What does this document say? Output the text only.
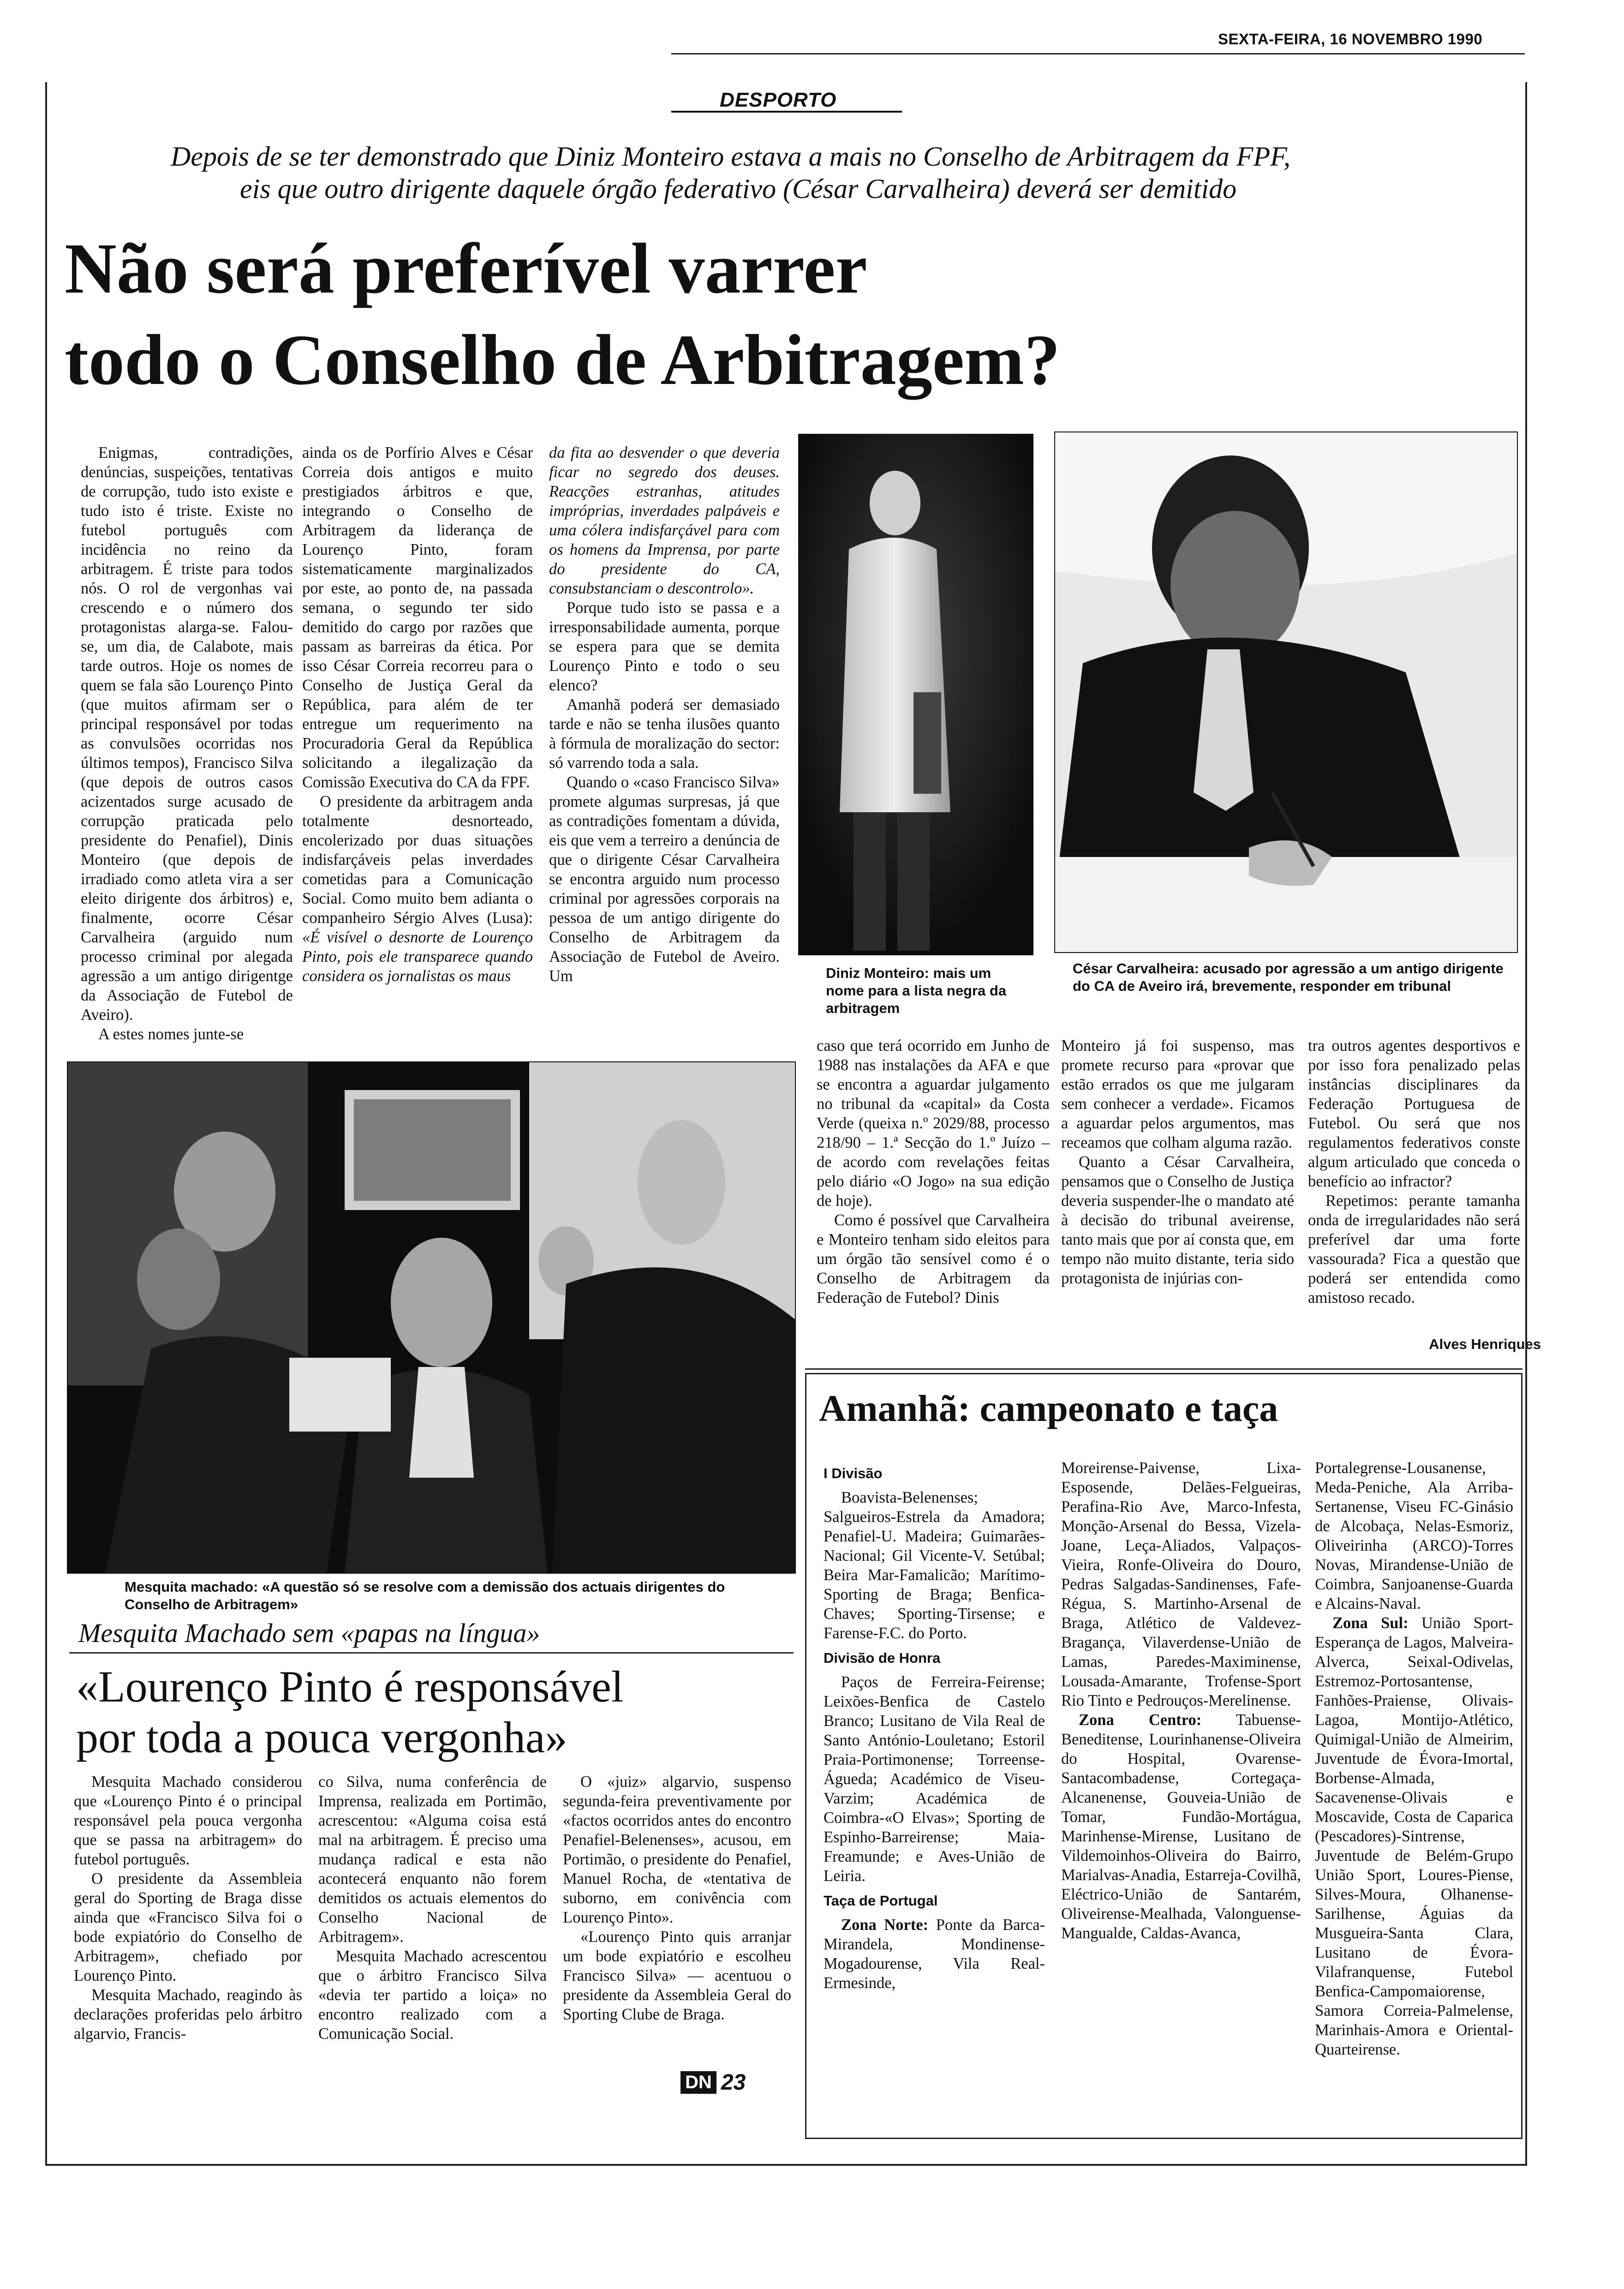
SEXTA-FEIRA, 16 NOVEMBRO 1990
DESPORTO
Depois de se ter demonstrado que Diniz Monteiro estava a mais no Conselho de Arbitragem da FPF,
eis que outro dirigente daquele órgão federativo (César Carvalheira) deverá ser demitido
Não será preferível varrer
todo o Conselho de Arbitragem?

Enigmas, contradições, denúncias, suspeições, tentativas de corrupção, tudo isto existe e tudo isto é triste. Existe no futebol português com incidência no reino da arbitragem. É triste para todos nós. O rol de vergonhas vai crescendo e o número dos protagonistas alarga-se. Falou-se, um dia, de Calabote, mais tarde outros. Hoje os nomes de quem se fala são Lourenço Pinto (que muitos afirmam ser o principal responsável por todas as convulsões ocorridas nos últimos tempos), Francisco Silva (que depois de outros casos acizentados surge acusado de corrupção praticada pelo presidente do Penafiel), Dinis Monteiro (que depois de irradiado como atleta vira a ser eleito dirigente dos árbitros) e, finalmente, ocorre César Carvalheira (arguido num processo criminal por alegada agressão a um antigo dirigentge da Associação de Futebol de Aveiro).

A estes nomes junte-se

ainda os de Porfírio Alves e César Correia dois antigos e muito prestigiados árbitros e que, integrando o Conselho de Arbitragem da liderança de Lourenço Pinto, foram sistematicamente marginalizados por este, ao ponto de, na passada semana, o segundo ter sido demitido do cargo por razões que passam as barreiras da ética. Por isso César Correia recorreu para o Conselho de Justiça Geral da República, para além de ter entregue um requerimento na Procuradoria Geral da República solicitando a ilegalização da Comissão Executiva do CA da FPF.

O presidente da arbitragem anda totalmente desnorteado, encolerizado por duas situações indisfarçáveis pelas inverdades cometidas para a Comunicação Social. Como muito bem adianta o companheiro Sérgio Alves (Lusa): «É visível o desnorte de Lourenço Pinto, pois ele transparece quando considera os jornalistas os maus

da fita ao desvender o que deveria ficar no segredo dos deuses. Reacções estranhas, atitudes impróprias, inverdades palpáveis e uma cólera indisfarçável para com os homens da Imprensa, por parte do presidente do CA, consubstanciam o descontrolo».

Porque tudo isto se passa e a irresponsabilidade aumenta, porque se espera para que se demita Lourenço Pinto e todo o seu elenco?

Amanhã poderá ser demasiado tarde e não se tenha ilusões quanto à fórmula de moralização do sector: só varrendo toda a sala.

Quando o «caso Francisco Silva» promete algumas surpresas, já que as contradições fomentam a dúvida, eis que vem a terreiro a denúncia de que o dirigente César Carvalheira se encontra arguido num processo criminal por agressões corporais na pessoa de um antigo dirigente do Conselho de Arbitragem da Associação de Futebol de Aveiro. Um	Diniz Monteiro: mais um nome para a lista negra da arbitragem
César Carvalheira: acusado por agressão a um antigo dirigente do CA de Aveiro irá, brevemente, responder em tribunal
Mesquita machado: «A questão só se resolve com a demissão dos actuais dirigentes do Conselho de Arbitragem»

caso que terá ocorrido em Junho de 1988 nas instalações da AFA e que se encontra a aguardar julgamento no tribunal da «capital» da Costa Verde (queixa n.º 2029/88, processo 218/90 – 1.ª Secção do 1.º Juízo – de acordo com revelações feitas pelo diário «O Jogo» na sua edição de hoje).

Como é possível que Carvalheira e Monteiro tenham sido eleitos para um órgão tão sensível como é o Conselho de Arbitragem da Federação de Futebol? Dinis

Monteiro já foi suspenso, mas promete recurso para «provar que estão errados os que me julgaram sem conhecer a verdade». Ficamos a aguardar pelos argumentos, mas receamos que colham alguma razão.

Quanto a César Carvalheira, pensamos que o Conselho de Justiça deveria suspender-lhe o mandato até à decisão do tribunal aveirense, tanto mais que por aí consta que, em tempo não muito distante, teria sido protagonista de injúrias con-

tra outros agentes desportivos e por isso fora penalizado pelas instâncias disciplinares da Federação Portuguesa de Futebol. Ou será que nos regulamentos federativos conste algum articulado que conceda o benefício ao infractor?

Repetimos: perante tamanha onda de irregularidades não será preferível dar uma forte vassourada? Fica a questão que poderá ser entendida como amistoso recado.

Alves Henriques
Mesquita Machado sem «papas na língua»
«Lourenço Pinto é responsável
por toda a pouca vergonha»

Mesquita Machado considerou que «Lourenço Pinto é o principal responsável pela pouca vergonha que se passa na arbitragem» do futebol português.

O presidente da Assembleia geral do Sporting de Braga disse ainda que «Francisco Silva foi o bode expiatório do Conselho de Arbitragem», chefiado por Lourenço Pinto.

Mesquita Machado, reagindo às declarações proferidas pelo árbitro algarvio, Francis-

co Silva, numa conferência de Imprensa, realizada em Portimão, acrescentou: «Alguma coisa está mal na arbitragem. É preciso uma mudança radical e esta não acontecerá enquanto não forem demitidos os actuais elementos do Conselho Nacional de Arbitragem».

Mesquita Machado acrescentou que o árbitro Francisco Silva «devia ter partido a loiça» no encontro realizado com a Comunicação Social.

O «juiz» algarvio, suspenso segunda-feira preventivamente por «factos ocorridos antes do encontro Penafiel-Belenenses», acusou, em Portimão, o presidente do Penafiel, Manuel Rocha, de «tentativa de suborno, em conivência com Lourenço Pinto».

«Lourenço Pinto quis arranjar um bode expiatório e escolheu Francisco Silva» — acentuou o presidente da Assembleia Geral do Sporting Clube de Braga.

Amanhã: campeonato e taça

I Divisão

Boavista-Belenenses; Salgueiros-Estrela da Amadora; Penafiel-U. Madeira; Guimarães-Nacional; Gil Vicente-V. Setúbal; Beira Mar-Famalicão; Marítimo-Sporting de Braga; Benfica-Chaves; Sporting-Tirsense; e Farense-F.C. do Porto.

Divisão de Honra

Paços de Ferreira-Feirense; Leixões-Benfica de Castelo Branco; Lusitano de Vila Real de Santo António-Louletano; Estoril Praia-Portimonense; Torreense-Águeda; Académico de Viseu-Varzim; Académica de Coimbra-«O Elvas»; Sporting de Espinho-Barreirense; Maia-Freamunde; e Aves-União de Leiria.

Taça de Portugal

Zona Norte: Ponte da Barca-Mirandela, Mondinense-Mogadourense, Vila Real-Ermesinde,

Moreirense-Paivense, Lixa-Esposende, Delães-Felgueiras, Perafina-Rio Ave, Marco-Infesta, Monção-Arsenal do Bessa, Vizela-Joane, Leça-Aliados, Valpaços-Vieira, Ronfe-Oliveira do Douro, Pedras Salgadas-Sandinenses, Fafe-Régua, S. Martinho-Arsenal de Braga, Atlético de Valdevez-Bragança, Vilaverdense-União de Lamas, Paredes-Maximinense, Lousada-Amarante, Trofense-Sport Rio Tinto e Pedrouços-Merelinense.

Zona Centro: Tabuense-Beneditense, Lourinhanense-Oliveira do Hospital, Ovarense-Santacombadense, Cortegaça-Alcanenense, Gouveia-União de Tomar, Fundão-Mortágua, Marinhense-Mirense, Lusitano de Vildemoinhos-Oliveira do Bairro, Marialvas-Anadia, Estarreja-Covilhã, Eléctrico-União de Santarém, Oliveirense-Mealhada, Valonguense-Mangualde, Caldas-Avanca,

Portalegrense-Lousanense, Meda-Peniche, Ala Arriba-Sertanense, Viseu FC-Ginásio de Alcobaça, Nelas-Esmoriz, Oliveirinha (ARCO)-Torres Novas, Mirandense-União de Coimbra, Sanjoanense-Guarda e Alcains-Naval.

Zona Sul: União Sport-Esperança de Lagos, Malveira-Alverca, Seixal-Odivelas, Estremoz-Portosantense, Fanhões-Praiense, Olivais-Lagoa, Montijo-Atlético, Quimigal-União de Almeirim, Juventude de Évora-Imortal, Borbense-Almada, Sacavenense-Olivais e Moscavide, Costa de Caparica (Pescadores)-Sintrense, Juventude de Belém-Grupo União Sport, Loures-Piense, Silves-Moura, Olhanense-Sarilhense, Águias da Musgueira-Santa Clara, Lusitano de Évora-Vilafranquense, Futebol Benfica-Campomaiorense, Samora Correia-Palmelense, Marinhais-Amora e Oriental-Quarteirense.

DN 23
